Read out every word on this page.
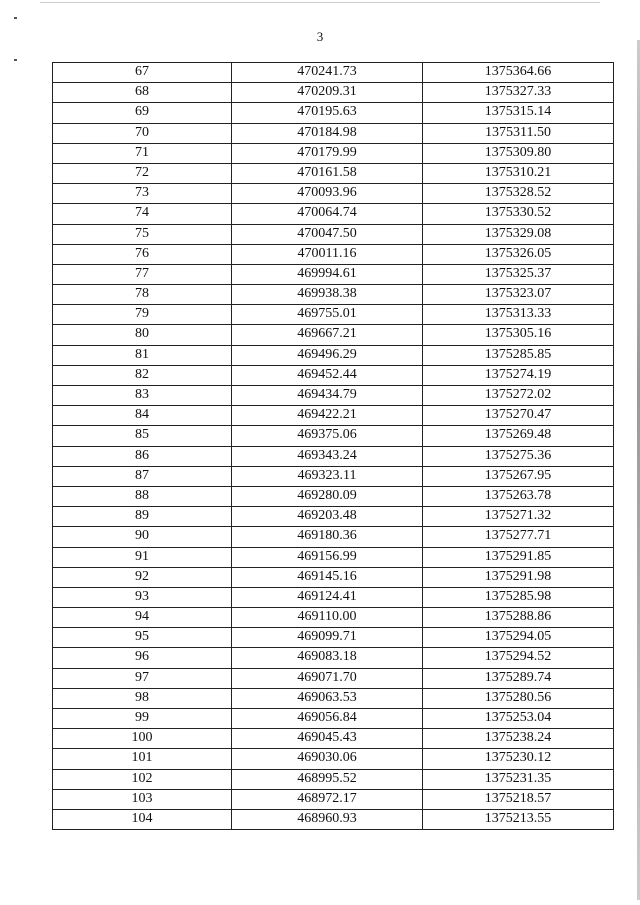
3
67	470241.73	1375364.66
68	470209.31	1375327.33
69	470195.63	1375315.14
70	470184.98	1375311.50
71	470179.99	1375309.80
72	470161.58	1375310.21
73	470093.96	1375328.52
74	470064.74	1375330.52
75	470047.50	1375329.08
76	470011.16	1375326.05
77	469994.61	1375325.37
78	469938.38	1375323.07
79	469755.01	1375313.33
80	469667.21	1375305.16
81	469496.29	1375285.85
82	469452.44	1375274.19
83	469434.79	1375272.02
84	469422.21	1375270.47
85	469375.06	1375269.48
86	469343.24	1375275.36
87	469323.11	1375267.95
88	469280.09	1375263.78
89	469203.48	1375271.32
90	469180.36	1375277.71
91	469156.99	1375291.85
92	469145.16	1375291.98
93	469124.41	1375285.98
94	469110.00	1375288.86
95	469099.71	1375294.05
96	469083.18	1375294.52
97	469071.70	1375289.74
98	469063.53	1375280.56
99	469056.84	1375253.04
100	469045.43	1375238.24
101	469030.06	1375230.12
102	468995.52	1375231.35
103	468972.17	1375218.57
104	468960.93	1375213.55
